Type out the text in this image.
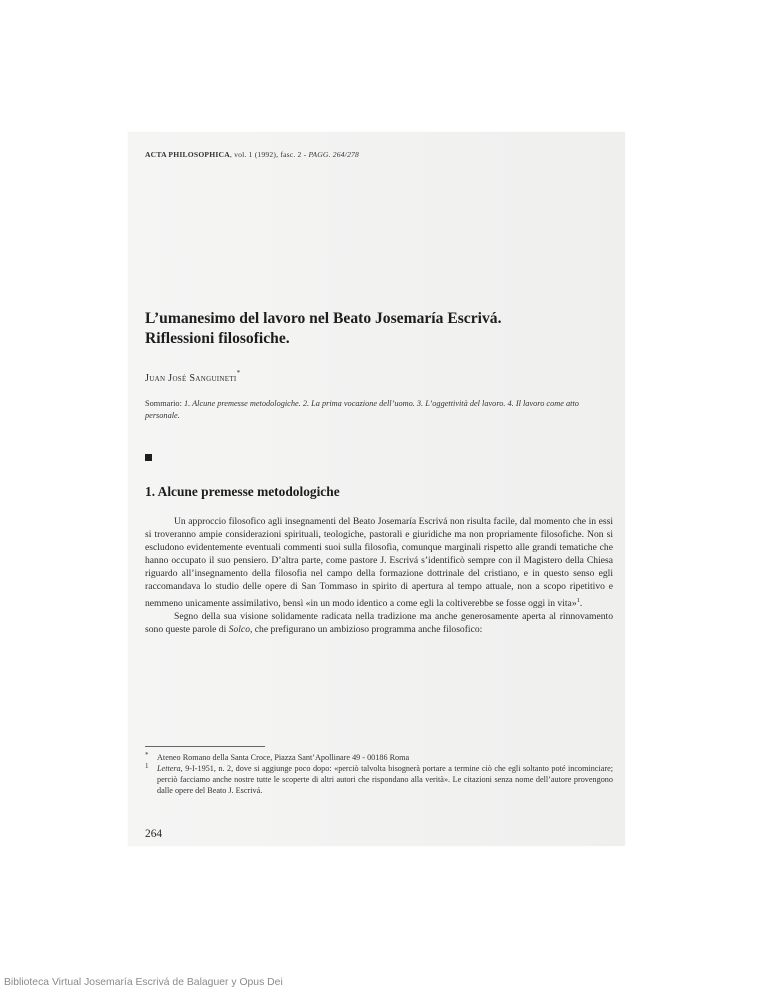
ACTA PHILOSOPHICA, vol. 1 (1992), fasc. 2 - PAGG. 264/278
L’umanesimo del lavoro nel Beato Josemaría Escrivá.
Riflessioni filosofiche.
Juan José Sanguineti*
Sommario: 1. Alcune premesse metodologiche. 2. La prima vocazione dell’uomo. 3. L’oggettività del lavoro. 4. Il lavoro come atto personale.
1. Alcune premesse metodologiche

Un approccio filosofico agli insegnamenti del Beato Josemaría Escrivá non risulta facile, dal momento che in essi si troveranno ampie considerazioni spirituali, teologiche, pastorali e giuridiche ma non propriamente filosofiche. Non si escludono evidentemente eventuali commenti suoi sulla filosofia, comunque marginali rispetto alle grandi tematiche che hanno occupato il suo pensiero. D’altra parte, come pastore J. Escrivá s’identificò sempre con il Magistero della Chiesa riguardo all’insegnamento della filosofia nel campo della formazione dottrinale del cristiano, e in questo senso egli raccomandava lo studio delle opere di San Tommaso in spirito di apertura al tempo attuale, non a scopo ripetitivo e nemmeno unicamente assimilativo, bensì «in un modo identico a come egli la coltiverebbe se fosse oggi in vita»$^1$.

Segno della sua visione solidamente radicata nella tradizione ma anche generosamente aperta al rinnovamento sono queste parole di Solco, che prefigurano un ambizioso programma anche filosofico:

* Ateneo Romano della Santa Croce, Piazza Sant’Apollinare 49 - 00186 Roma
1 Lettera, 9-I-1951, n. 2, dove si aggiunge poco dopo: «perciò talvolta bisognerà portare a termine ciò che egli soltanto poté incominciare; perciò facciamo anche nostre tutte le scoperte di altri autori che rispondano alla verità». Le citazioni senza nome dell’autore provengono dalle opere del Beato J. Escrivá.
264
Biblioteca Virtual Josemaría Escrivá de Balaguer y Opus Dei
